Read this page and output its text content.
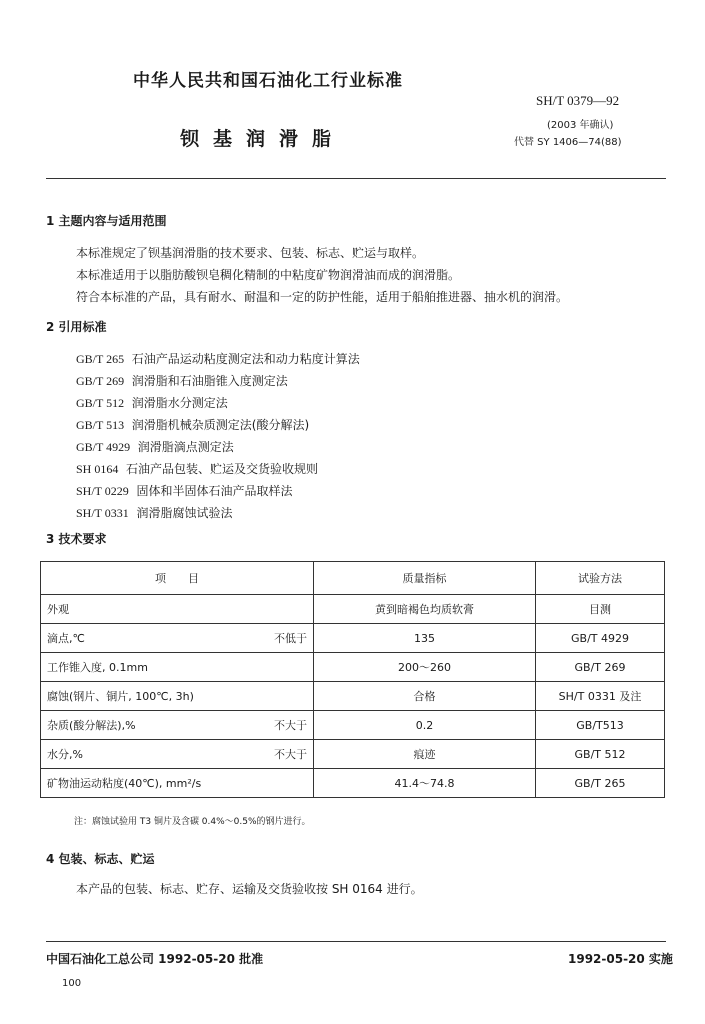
中华人民共和国石油化工行业标准
SH/T 0379—92
钡基润滑脂
(2003 年确认)
代替 SY 1406—74(88)
1 主题内容与适用范围
本标准规定了钡基润滑脂的技术要求、包装、标志、贮运与取样。
本标准适用于以脂肪酸钡皂稠化精制的中粘度矿物润滑油而成的润滑脂。
符合本标准的产品，具有耐水、耐温和一定的防护性能，适用于船舶推进器、抽水机的润滑。
2 引用标准
GB/T 265 石油产品运动粘度测定法和动力粘度计算法
GB/T 269 润滑脂和石油脂锥入度测定法
GB/T 512 润滑脂水分测定法
GB/T 513 润滑脂机械杂质测定法(酸分解法)
GB/T 4929 润滑脂滴点测定法
SH 0164 石油产品包装、贮运及交货验收规则
SH/T 0229 固体和半固体石油产品取样法
SH/T 0331 润滑脂腐蚀试验法
3 技术要求
项　　目	质量指标	试验方法
外观	黄到暗褐色均质软膏	目测
滴点,℃ 不低于	135	GB/T 4929
工作锥入度, 0.1mm	200～260	GB/T 269
腐蚀(钢片、铜片, 100℃, 3h)	合格	SH/T 0331 及注
杂质(酸分解法),% 不大于	0.2	GB/T513
水分,% 不大于	痕迹	GB/T 512
矿物油运动粘度(40℃), mm²/s	41.4～74.8	GB/T 265
注：腐蚀试验用 T3 铜片及含碳 0.4%～0.5%的钢片进行。
4 包装、标志、贮运
本产品的包装、标志、贮存、运输及交货验收按 SH 0164 进行。
中国石油化工总公司 1992-05-20 批准	1992-05-20 实施
100
